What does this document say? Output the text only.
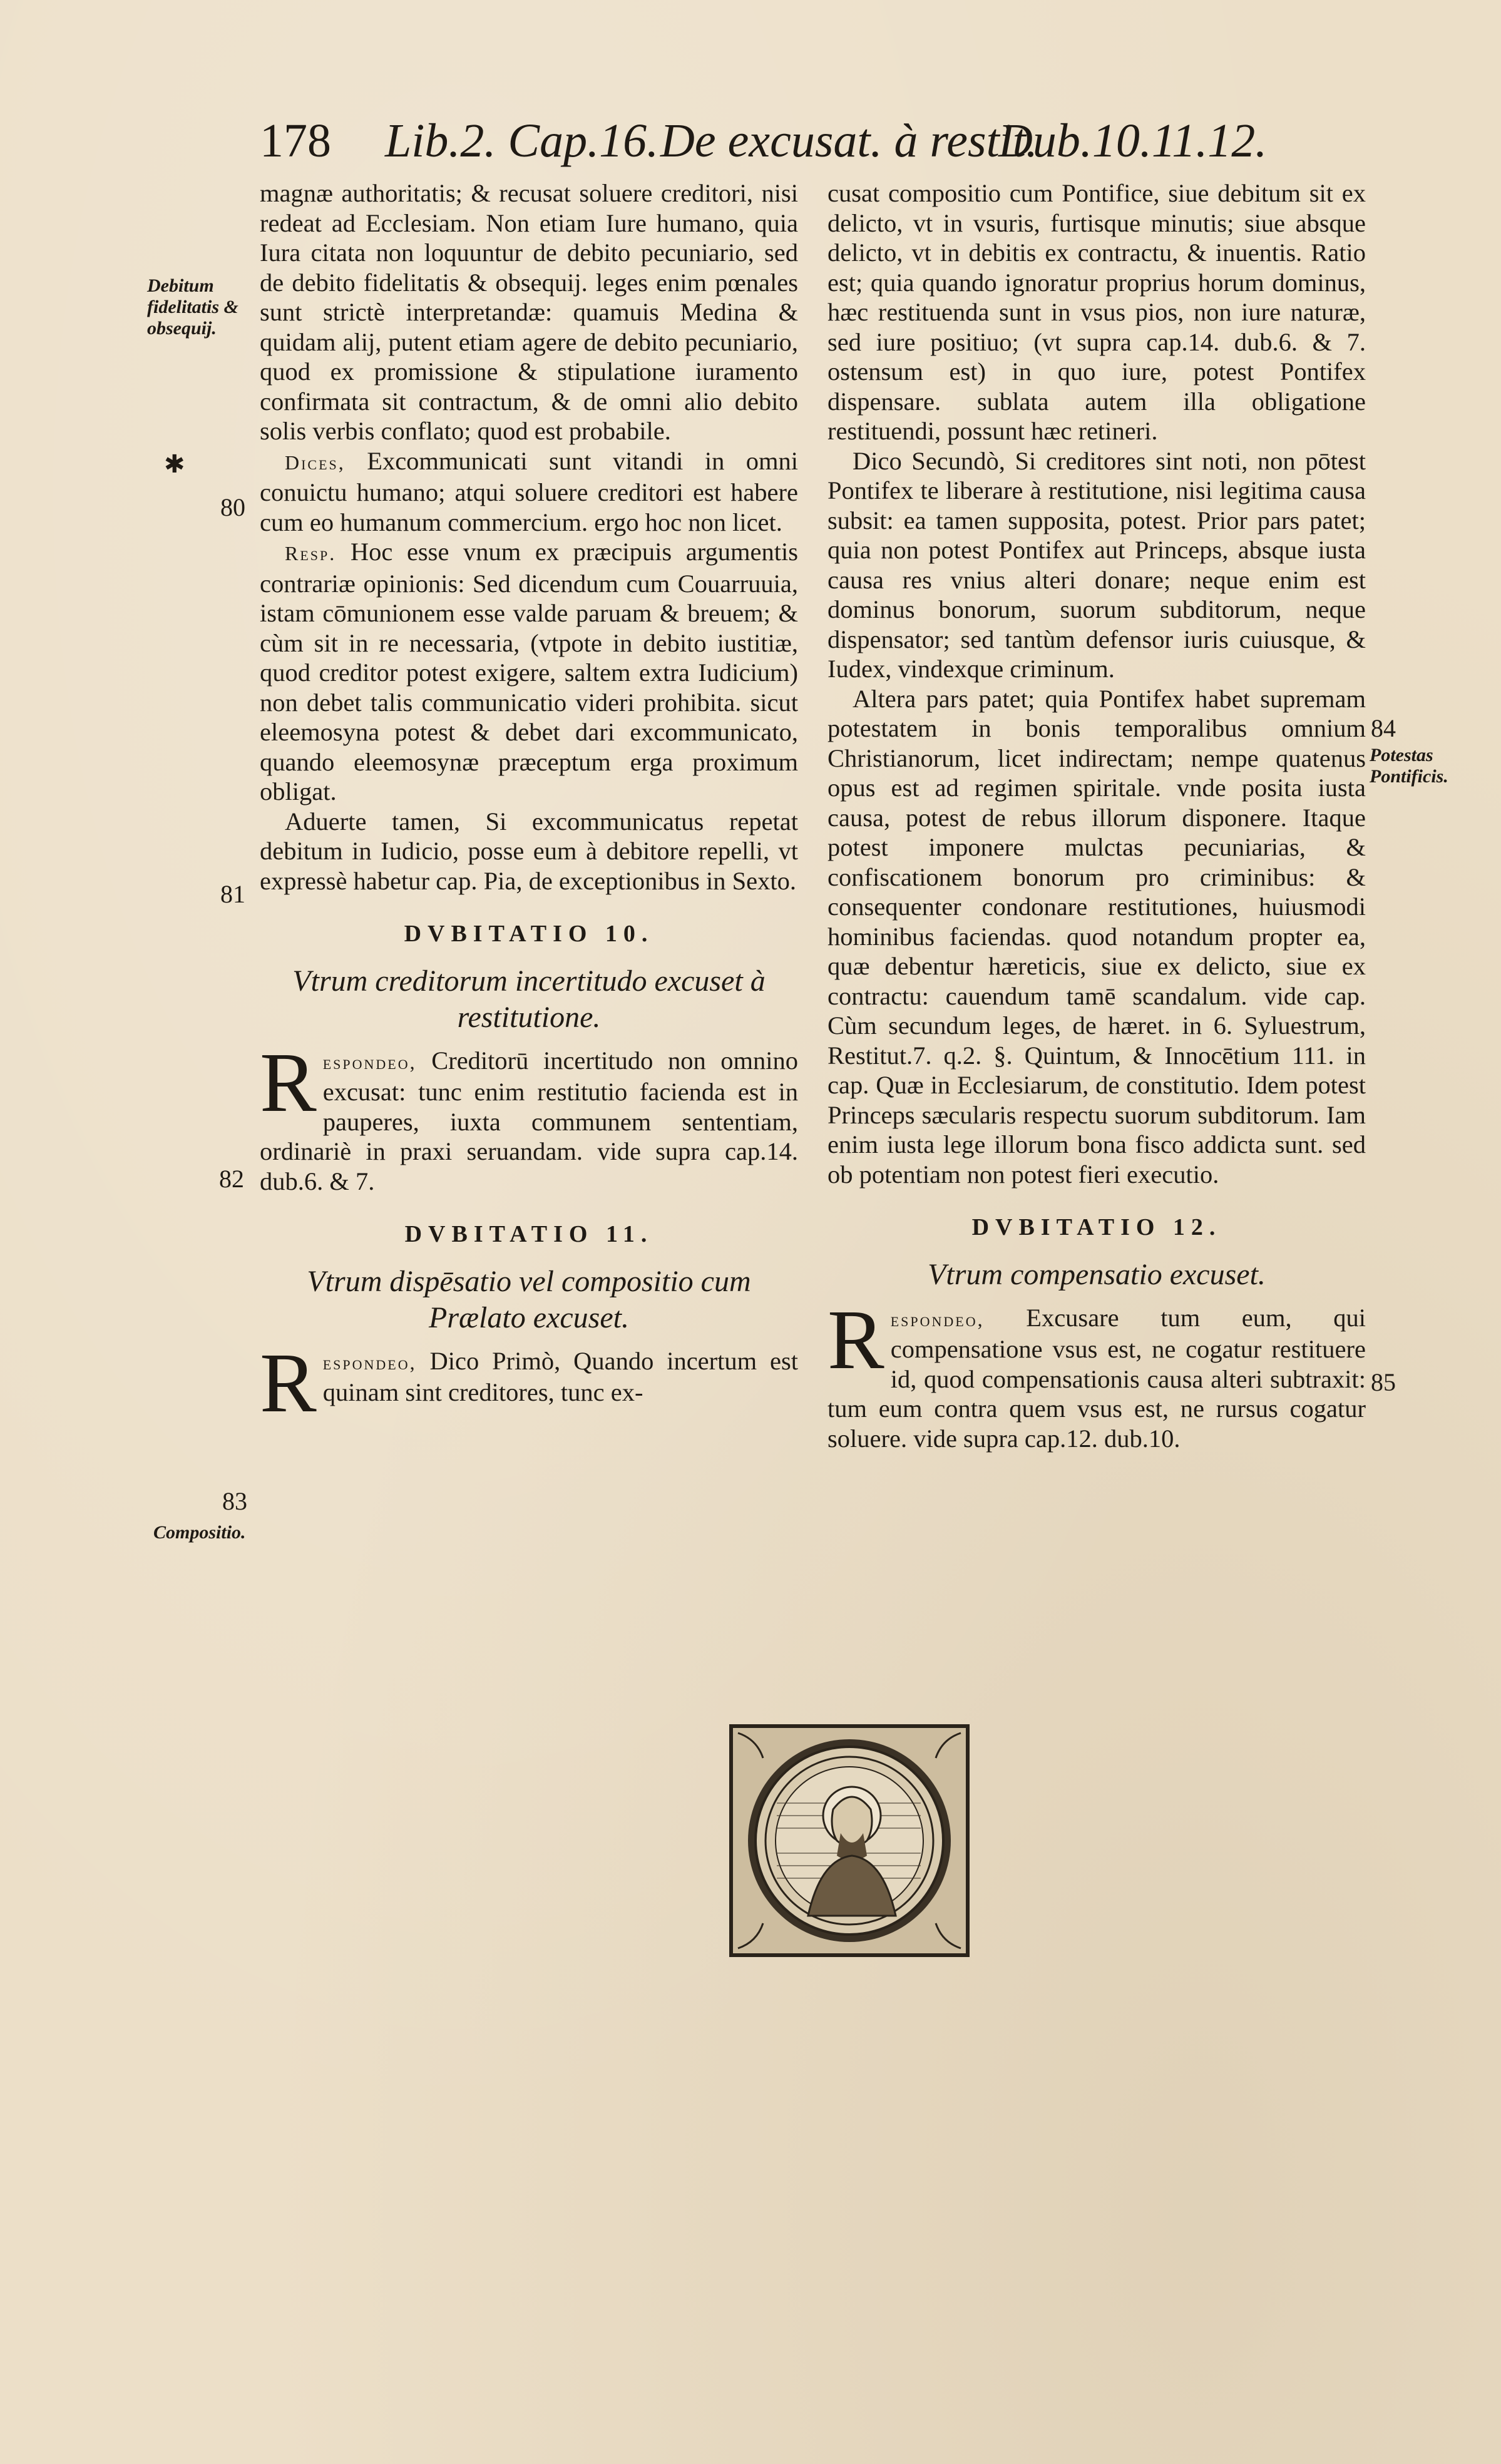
178 Lib.2. Cap.16. De excusat. à restit.
Dub.10.11.12.
Debitum fidelitatis & obsequij.
✱
80
81
82
83
Compositio.
84
Potestas Pontificis.
85

magnæ authoritatis; & recusat soluere creditori, nisi redeat ad Ecclesiam. Non etiam Iure humano, quia Iura citata non loquuntur de debito pecuniario, sed de debito fidelitatis & obsequij. leges enim pœnales sunt strictè interpretandæ: quamuis Medina & quidam alij, putent etiam agere de debito pecuniario, quod ex promissione & stipulatione iuramento confirmata sit contractum, & de omni alio debito solis verbis conflato; quod est probabile.

Dices, Excommunicati sunt vitandi in omni conuictu humano; atqui soluere creditori est habere cum eo humanum commercium. ergo hoc non licet.

Resp. Hoc esse vnum ex præcipuis argumentis contrariæ opinionis: Sed dicendum cum Couarruuia, istam cōmunionem esse valde paruam & breuem; & cùm sit in re necessaria, (vtpote in debito iustitiæ, quod creditor potest exigere, saltem extra Iudicium) non debet talis communicatio videri prohibita. sicut eleemosyna potest & debet dari excommunicato, quando eleemosynæ præceptum erga proximum obligat.

Aduerte tamen, Si excommunicatus repetat debitum in Iudicio, posse eum à debitore repelli, vt expressè habetur cap. Pia, de exceptionibus in Sexto.

DVBITATIO 10.
Vtrum creditorum incertitudo excuset à restitutione.

Respondeo, Creditorū incertitudo non omnino excusat: tunc enim restitutio facienda est in pauperes, iuxta communem sententiam, ordinariè in praxi seruandam. vide supra cap.14. dub.6. & 7.

DVBITATIO 11.
Vtrum dispēsatio vel compositio cum Prælato excuset.

Respondeo, Dico Primò, Quando incertum est quinam sint creditores, tunc ex-

cusat compositio cum Pontifice, siue debitum sit ex delicto, vt in vsuris, furtisque minutis; siue absque delicto, vt in debitis ex contractu, & inuentis. Ratio est; quia quando ignoratur proprius horum dominus, hæc restituenda sunt in vsus pios, non iure naturæ, sed iure positiuo; (vt supra cap.14. dub.6. & 7. ostensum est) in quo iure, potest Pontifex dispensare. sublata autem illa obligatione restituendi, possunt hæc retineri.

Dico Secundò, Si creditores sint noti, non pōtest Pontifex te liberare à restitutione, nisi legitima causa subsit: ea tamen supposita, potest. Prior pars patet; quia non potest Pontifex aut Princeps, absque iusta causa res vnius alteri donare; neque enim est dominus bonorum, suorum subditorum, neque dispensator; sed tantùm defensor iuris cuiusque, & Iudex, vindexque criminum.

Altera pars patet; quia Pontifex habet supremam potestatem in bonis temporalibus omnium Christianorum, licet indirectam; nempe quatenus opus est ad regimen spiritale. vnde posita iusta causa, potest de rebus illorum disponere. Itaque potest imponere mulctas pecuniarias, & confiscationem bonorum pro criminibus: & consequenter condonare restitutiones, huiusmodi hominibus faciendas. quod notandum propter ea, quæ debentur hæreticis, siue ex delicto, siue ex contractu: cauendum tamē scandalum. vide cap. Cùm secundum leges, de hæret. in 6. Syluestrum, Restitut.7. q.2. §. Quintum, & Innocētium 111. in cap. Quæ in Ecclesiarum, de constitutio. Idem potest Princeps sæcularis respectu suorum subditorum. Iam enim iusta lege illorum bona fisco addicta sunt. sed ob potentiam non potest fieri executio.

DVBITATIO 12.
Vtrum compensatio excuset.

Respondeo, Excusare tum eum, qui compensatione vsus est, ne cogatur restituere id, quod compensationis causa alteri subtraxit: tum eum contra quem vsus est, ne rursus cogatur soluere. vide supra cap.12. dub.10.
